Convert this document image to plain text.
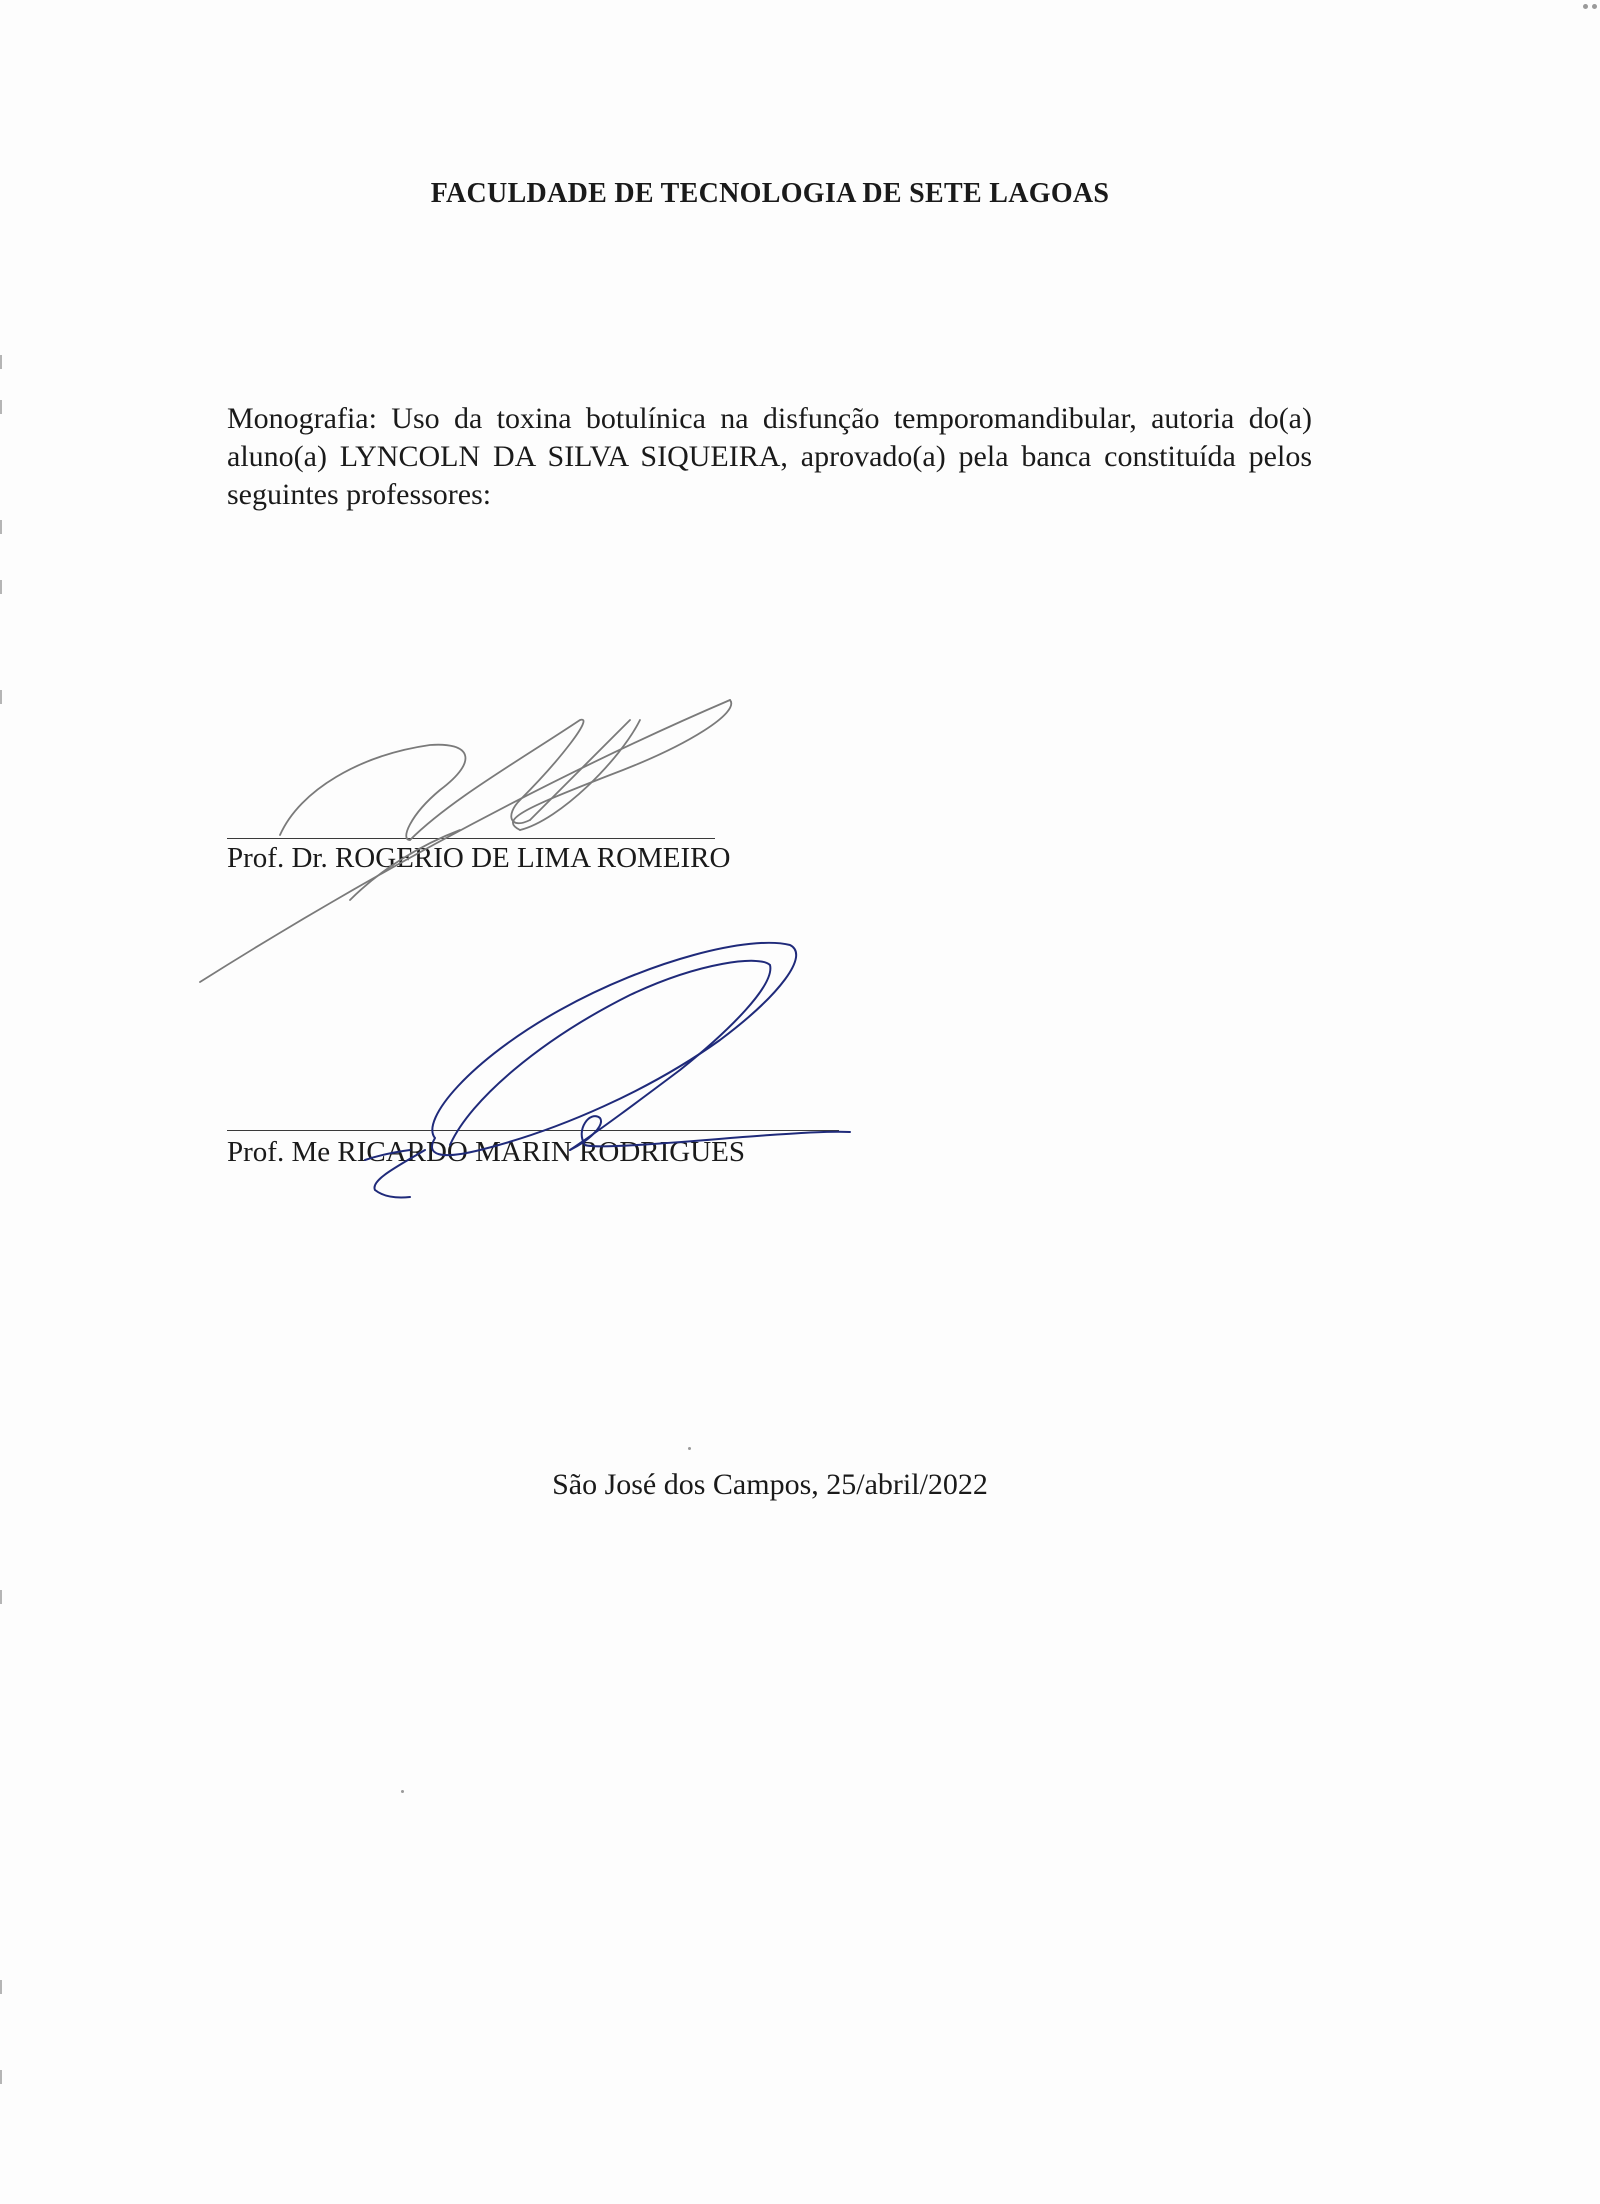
FACULDADE DE TECNOLOGIA DE SETE LAGOAS
Monografia: Uso da toxina botulínica na disfunção temporomandibular, autoria do(a) aluno(a) LYNCOLN DA SILVA SIQUEIRA, aprovado(a) pela banca constituída pelos seguintes professores:
Prof. Dr. ROGERIO DE LIMA ROMEIRO
Prof. Me RICARDO MARIN RODRIGUES
São José dos Campos, 25/abril/2022
